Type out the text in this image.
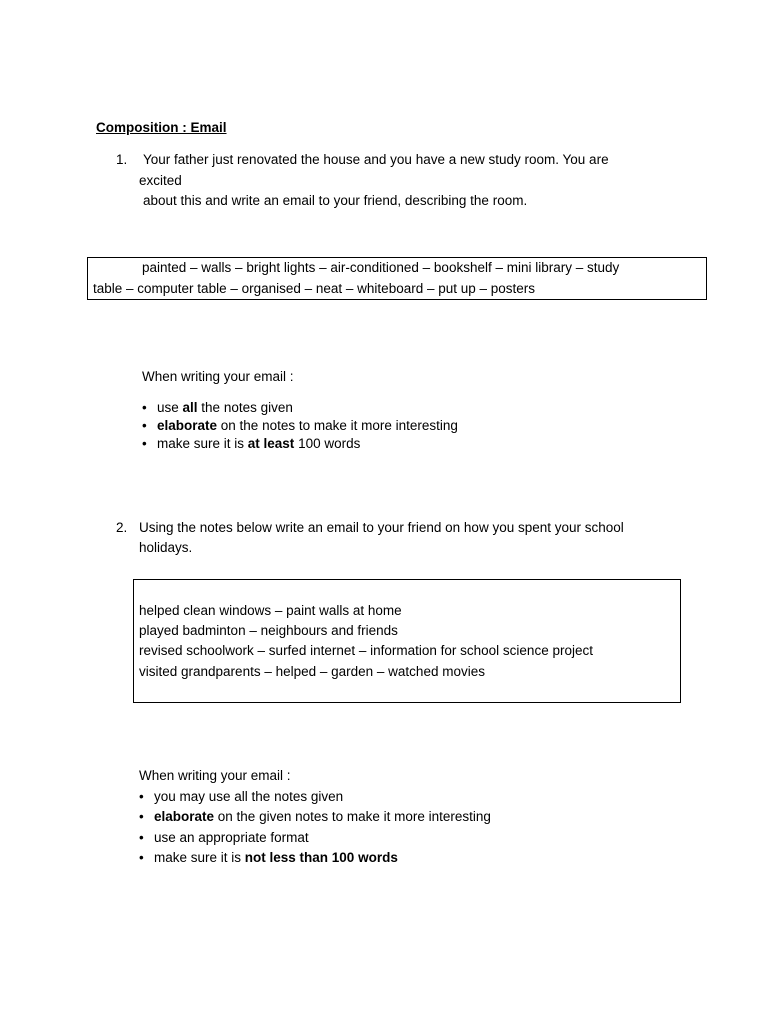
Composition : Email
1. Your father just renovated the house and you have a new study room. You are
excited
about this and write an email to your friend, describing the room.
painted – walls – bright lights – air-conditioned – bookshelf – mini library – study
table – computer table – organised – neat – whiteboard – put up – posters
When writing your email :
• use all the notes given
• elaborate on the notes to make it more interesting
• make sure it is at least 100 words
2. Using the notes below write an email to your friend on how you spent your school
holidays.
helped clean windows – paint walls at home
played badminton – neighbours and friends
revised schoolwork – surfed internet – information for school science project
visited grandparents – helped – garden – watched movies
When writing your email :
• you may use all the notes given
• elaborate on the given notes to make it more interesting
• use an appropriate format
• make sure it is not less than 100 words
